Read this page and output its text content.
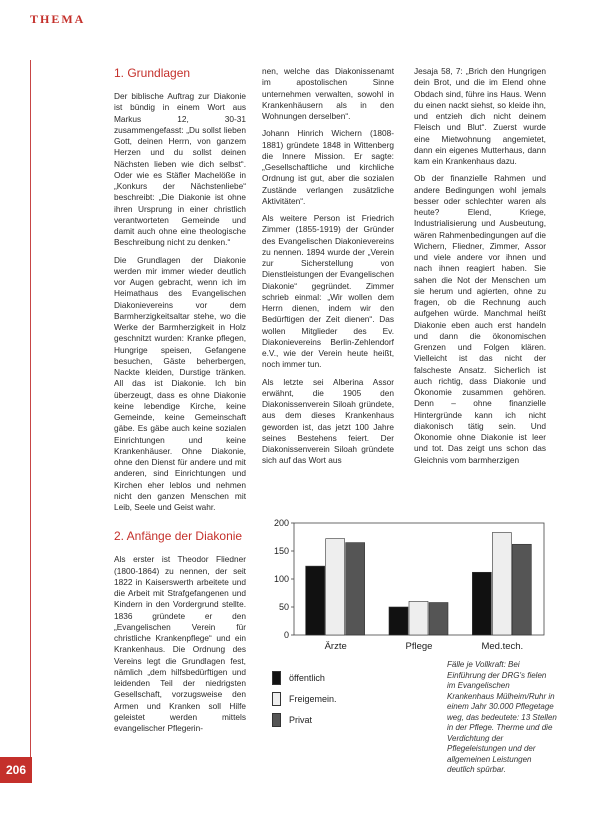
THEMA
206
1. Grundlagen

Der biblische Auftrag zur Diakonie ist bündig in einem Wort aus Markus 12, 30-31 zusammengefasst: „Du sollst lieben Gott, deinen Herrn, von ganzem Herzen und du sollst deinen Nächsten lieben wie dich selbst“. Oder wie es Stäfler Machelöße in „Konkurs der Nächstenliebe“ beschreibt: „Die Diakonie ist ohne ihren Ursprung in einer christlich verantworteten Gemeinde und damit auch ohne eine theologische Beschreibung nicht zu denken.“

Die Grundlagen der Diakonie werden mir immer wieder deutlich vor Augen gebracht, wenn ich im Heimathaus des Evangelischen Diakonievereins vor dem Barmherzigkeitsaltar stehe, wo die Werke der Barmherzigkeit in Holz geschnitzt wurden: Kranke pflegen, Hungrige speisen, Gefangene besuchen, Gäste beherbergen, Nackte kleiden, Durstige tränken. All das ist Diakonie. Ich bin überzeugt, dass es ohne Diakonie keine lebendige Kirche, keine Gemeinde, keine Gemeinschaft gäbe. Es gäbe auch keine sozialen Einrichtungen und keine Krankenhäuser. Ohne Diakonie, ohne den Dienst für andere und mit anderen, sind Einrichtungen und Kirchen eher leblos und nehmen nicht den ganzen Menschen mit Leib, Seele und Geist wahr.

2. Anfänge der Diakonie

Als erster ist Theodor Fliedner (1800-1864) zu nennen, der seit 1822 in Kaiserswerth arbeitete und die Arbeit mit Strafgefangenen und Kindern in den Vordergrund stellte. 1836 gründete er den „Evangelischen Verein für christliche Krankenpflege“ und ein Krankenhaus. Die Ordnung des Vereins legt die Grundlagen fest, nämlich „dem hilfsbedürftigen und leidenden Teil der niedrigsten Gesellschaft, vorzugsweise den Armen und Kranken soll Hilfe geleistet werden mittels evangelischer Pflegerin-

nen, welche das Diakonissenamt im apostolischen Sinne unternehmen verwalten, sowohl in Krankenhäusern als in den Wohnungen derselben“.

Johann Hinrich Wichern (1808-1881) gründete 1848 in Wittenberg die Innere Mission. Er sagte: „Gesellschaftliche und kirchliche Ordnung ist gut, aber die sozialen Zustände verlangen zusätzliche Aktivitäten“.

Als weitere Person ist Friedrich Zimmer (1855-1919) der Gründer des Evangelischen Diakonievereins zu nennen. 1894 wurde der „Verein zur Sicherstellung von Dienstleistungen der Evangelischen Diakonie“ gegründet. Zimmer schrieb einmal: „Wir wollen dem Herrn dienen, indem wir den Bedürftigen der Zeit dienen“. Das wollen Mitglieder des Ev. Diakonievereins Berlin-Zehlendorf e.V., wie der Verein heute heißt, noch immer tun.

Als letzte sei Alberina Assor erwähnt, die 1905 den Diakonissenverein Siloah gründete, aus dem dieses Krankenhaus geworden ist, das jetzt 100 Jahre seines Bestehens feiert. Der Diakonissenverein Siloah gründete sich auf das Wort aus

Jesaja 58, 7: „Brich den Hungrigen dein Brot, und die im Elend ohne Obdach sind, führe ins Haus. Wenn du einen nackt siehst, so kleide ihn, und entzieh dich nicht deinem Fleisch und Blut“. Zuerst wurde eine Mietwohnung angemietet, dann ein eigenes Mutterhaus, dann kam ein Krankenhaus dazu.

Ob der finanzielle Rahmen und andere Bedingungen wohl jemals besser oder schlechter waren als heute? Elend, Kriege, Industrialisierung und Ausbeutung, wären Rahmenbedingungen auf die Wichern, Fliedner, Zimmer, Assor und viele andere vor ihnen und nach ihnen reagiert haben. Sie sahen die Not der Menschen um sie herum und agierten, ohne zu fragen, ob die Rechnung auch aufgehen würde. Manchmal heißt Diakonie eben auch erst handeln und dann die ökonomischen Grenzen und Folgen klären. Vielleicht ist das nicht der falscheste Ansatz. Sicherlich ist auch richtig, dass Diakonie und Ökonomie zusammen gehören. Denn – ohne finanzielle Hintergründe kann ich nicht diakonisch tätig sein. Und Ökonomie ohne Diakonie ist leer und tot. Das zeigt uns schon das Gleichnis vom barmherzigen

0
50
100
150
200
Ärzte	Pflege	Med.tech.
öffentlich
Freigemein.
Privat
Fälle je Vollkraft: Bei Einführung der DRG's fielen im Evangelischen Krankenhaus Mülheim/Ruhr in einem Jahr 30.000 Pflegetage weg, das bedeutete: 13 Stellen in der Pflege. Therme und die Verdichtung der Pflegeleistungen und der allgemeinen Leistungen deutlich spürbar.
